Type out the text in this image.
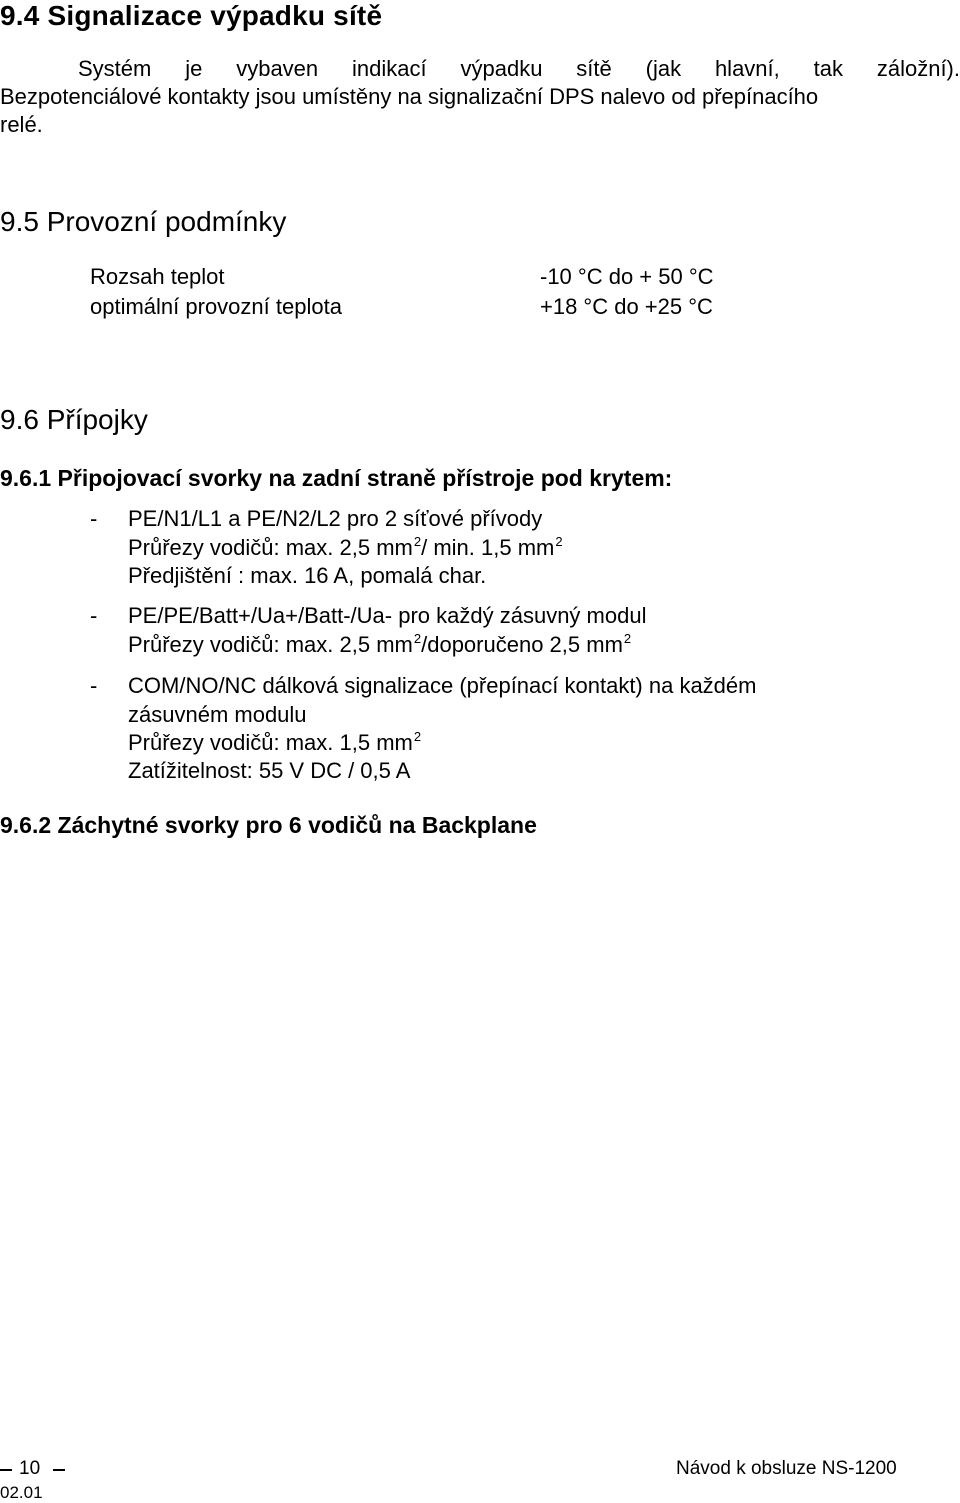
9.4 Signalizace výpadku sítě
Systém je vybaven indikací výpadku sítě (jak hlavní, tak záložní).
Bezpotenciálové kontakty jsou umístěny na signalizační DPS nalevo od přepínacího
relé.
9.5 Provozní podmínky
Rozsah teplot	-10 °C do + 50 °C
optimální provozní teplota	+18 °C do +25 °C
9.6 Přípojky
9.6.1 Připojovací svorky na zadní straně přístroje pod krytem:
- PE/N1/L1 a PE/N2/L2 pro 2 síťové přívody
Průřezy vodičů: max. 2,5 $mm^2/$ min. 1,5 $mm^2$
Předjištění : max. 16 A, pomalá char.
- PE/PE/Batt+/Ua+/Batt-/Ua- pro každý zásuvný modul
Průřezy vodičů: max. 2,5 $mm^2$/doporučeno 2,5 $mm^2$
- COM/NO/NC dálková signalizace (přepínací kontakt) na každém
zásuvném modulu
Průřezy vodičů: max. 1,5 $mm^2$
Zatížitelnost: 55 V DC / 0,5 A
9.6.2 Záchytné svorky pro 6 vodičů na Backplane
10	Návod k obsluze NS-1200
02.01
